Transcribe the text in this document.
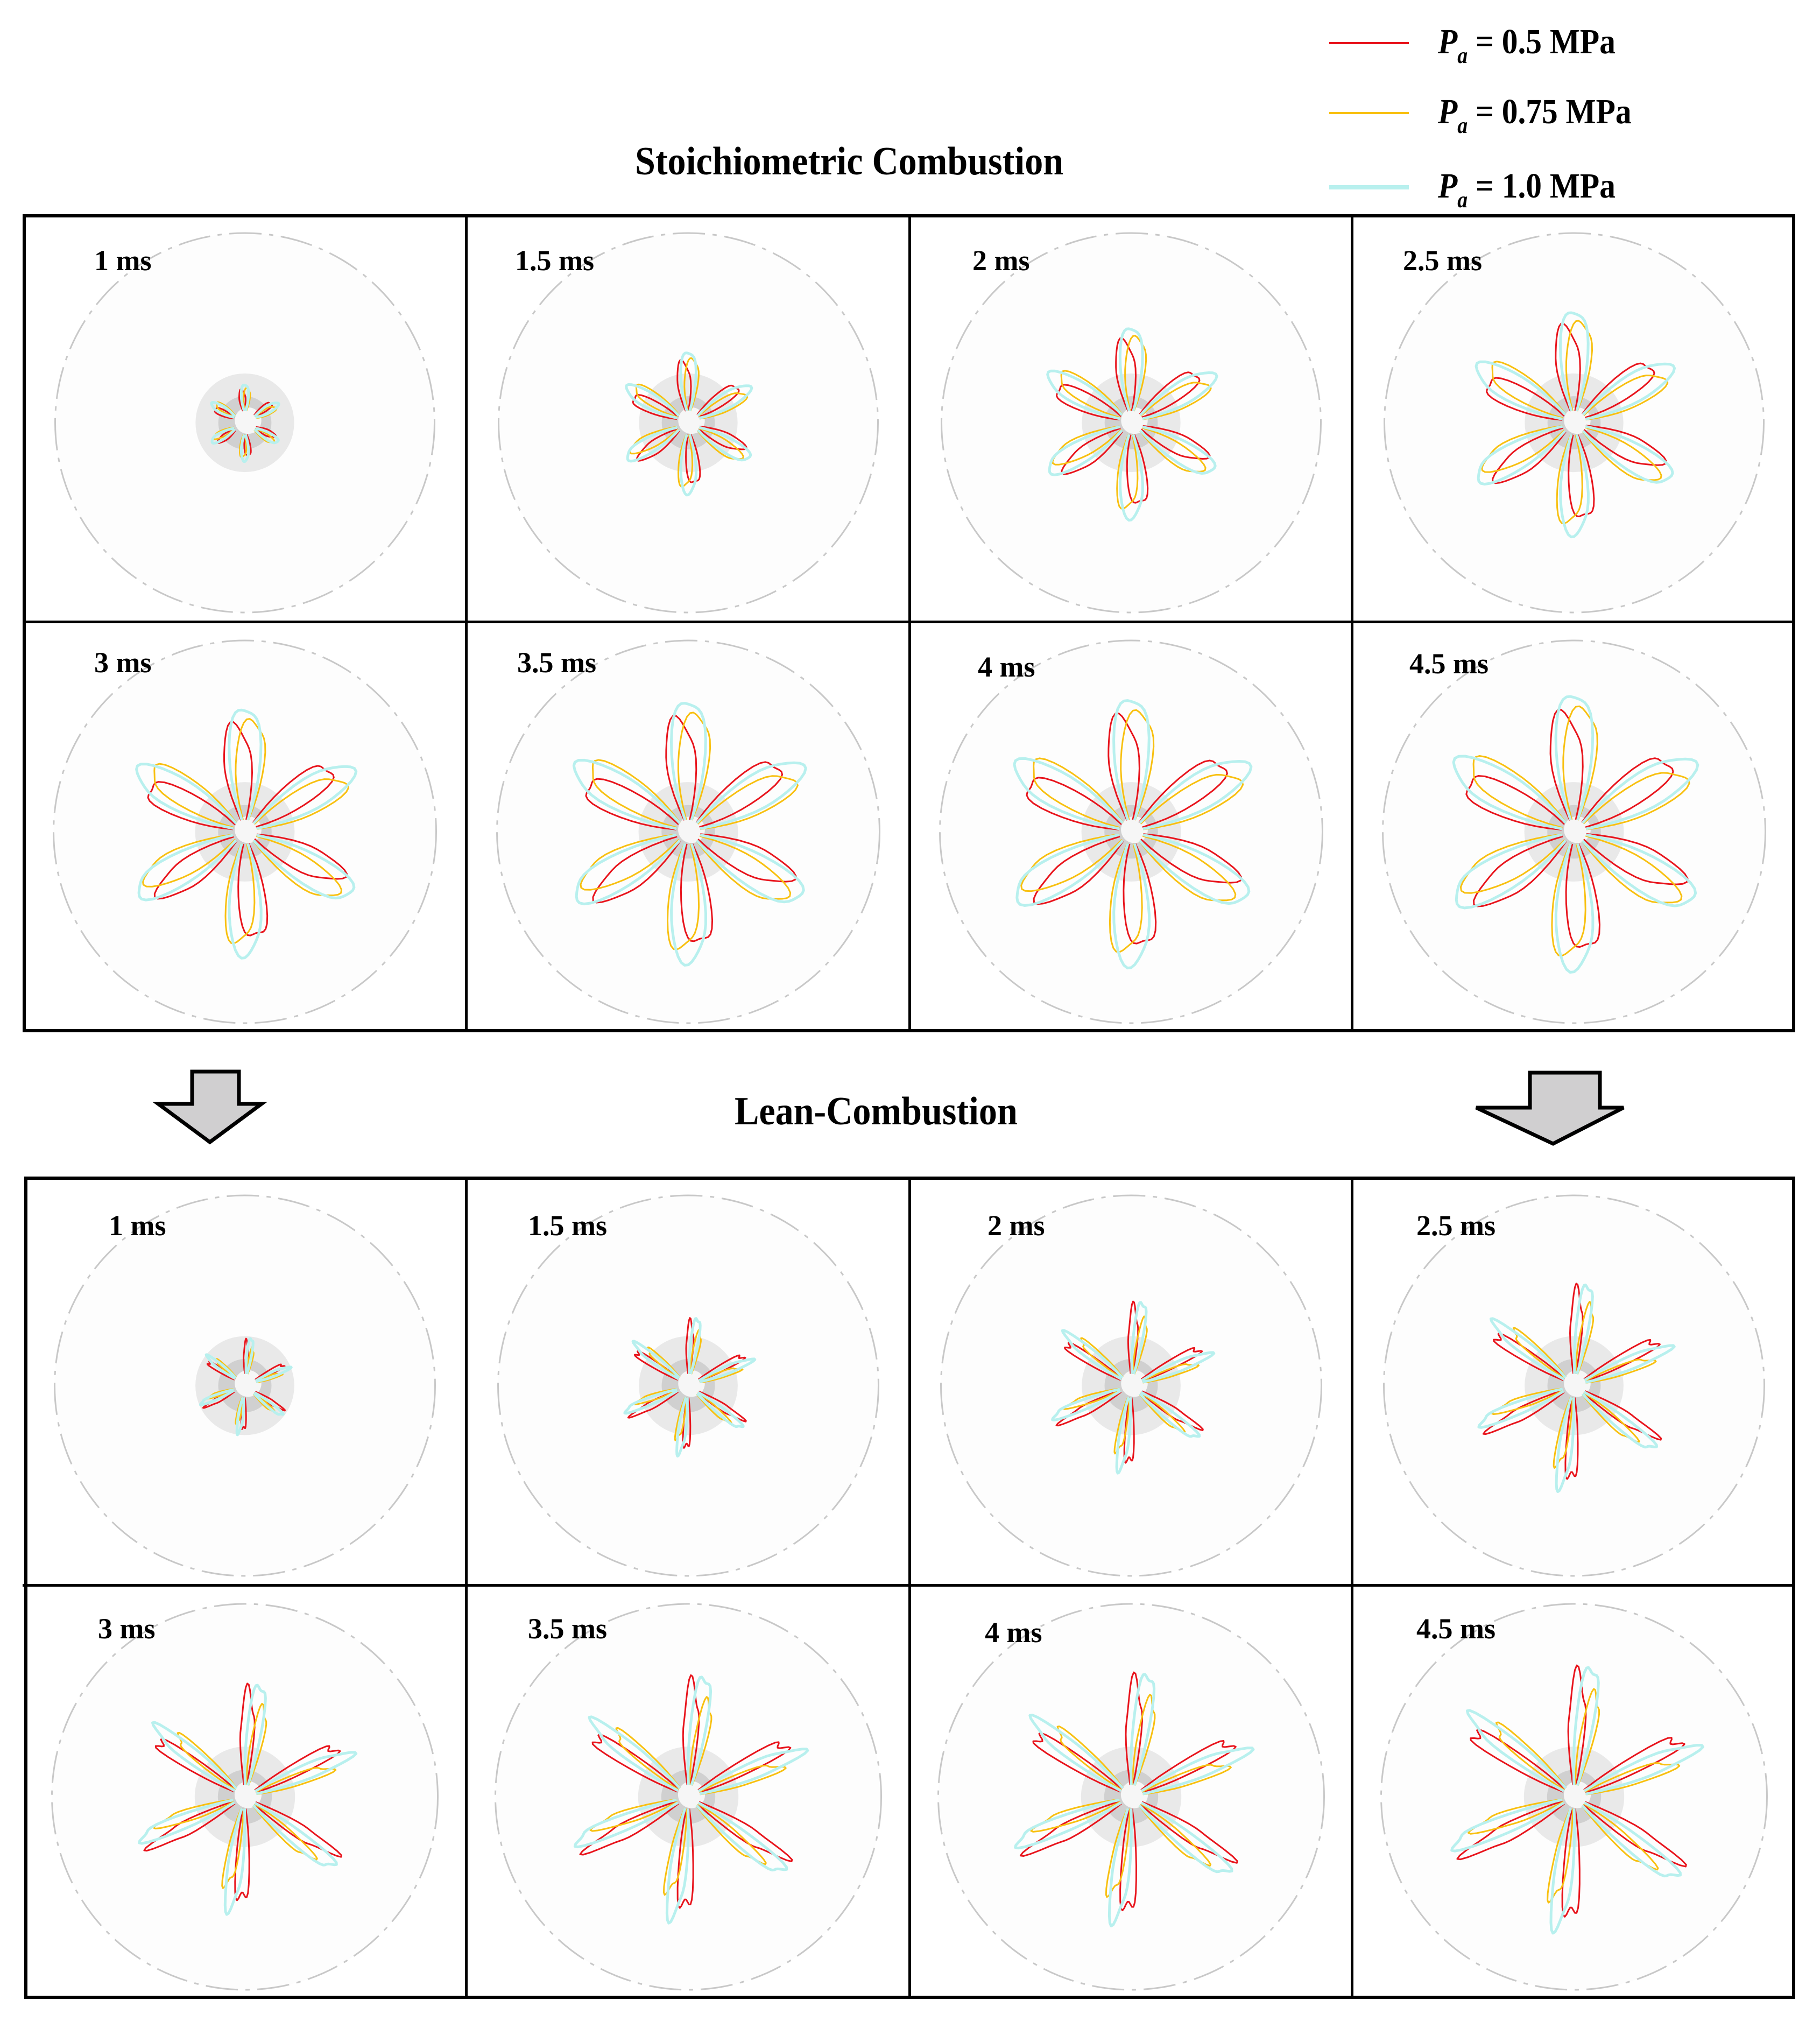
$P_a = 0.5$ MPa
$P_a = 0.75$ MPa
$P_a = 1.0$ MPa
Stoichiometric Combustion
Lean-Combustion
1 ms	1.5 ms	2 ms	2.5 ms
3 ms	3.5 ms	4 ms	4.5 ms
1 ms	1.5 ms	2 ms	2.5 ms
3 ms	3.5 ms	4 ms	4.5 ms
